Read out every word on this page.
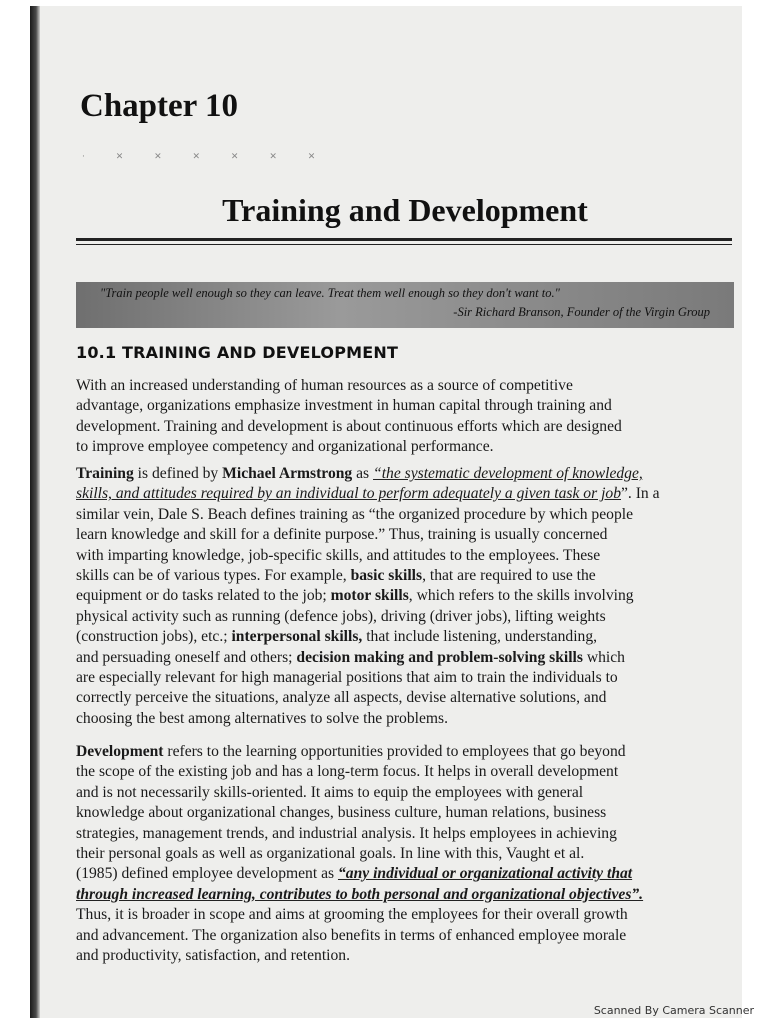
Chapter 10

· ✕ ✕ ✕ ✕ ✕ ✕

Training and Development
"Train people well enough so they can leave. Treat them well enough so they don't want to."
-Sir Richard Branson, Founder of the Virgin Group
10.1 TRAINING AND DEVELOPMENT

With an increased understanding of human resources as a source of competitive
advantage, organizations emphasize investment in human capital through training and
development. Training and development is about continuous efforts which are designed
to improve employee competency and organizational performance.

Training is defined by Michael Armstrong as “the systematic development of knowledge,
skills, and attitudes required by an individual to perform adequately a given task or job”. In a
similar vein, Dale S. Beach defines training as “the organized procedure by which people
learn knowledge and skill for a definite purpose.” Thus, training is usually concerned
with imparting knowledge, job-specific skills, and attitudes to the employees. These
skills can be of various types. For example, basic skills, that are required to use the
equipment or do tasks related to the job; motor skills, which refers to the skills involving
physical activity such as running (defence jobs), driving (driver jobs), lifting weights
(construction jobs), etc.; interpersonal skills, that include listening, understanding,
and persuading oneself and others; decision making and problem-solving skills which
are especially relevant for high managerial positions that aim to train the individuals to
correctly perceive the situations, analyze all aspects, devise alternative solutions, and
choosing the best among alternatives to solve the problems.

Development refers to the learning opportunities provided to employees that go beyond
the scope of the existing job and has a long-term focus. It helps in overall development
and is not necessarily skills-oriented. It aims to equip the employees with general
knowledge about organizational changes, business culture, human relations, business
strategies, management trends, and industrial analysis. It helps employees in achieving
their personal goals as well as organizational goals. In line with this, Vaught et al.
(1985) defined employee development as “any individual or organizational activity that
through increased learning, contributes to both personal and organizational objectives”.
Thus, it is broader in scope and aims at grooming the employees for their overall growth
and advancement. The organization also benefits in terms of enhanced employee morale
and productivity, satisfaction, and retention.

Scanned By Camera Scanner
